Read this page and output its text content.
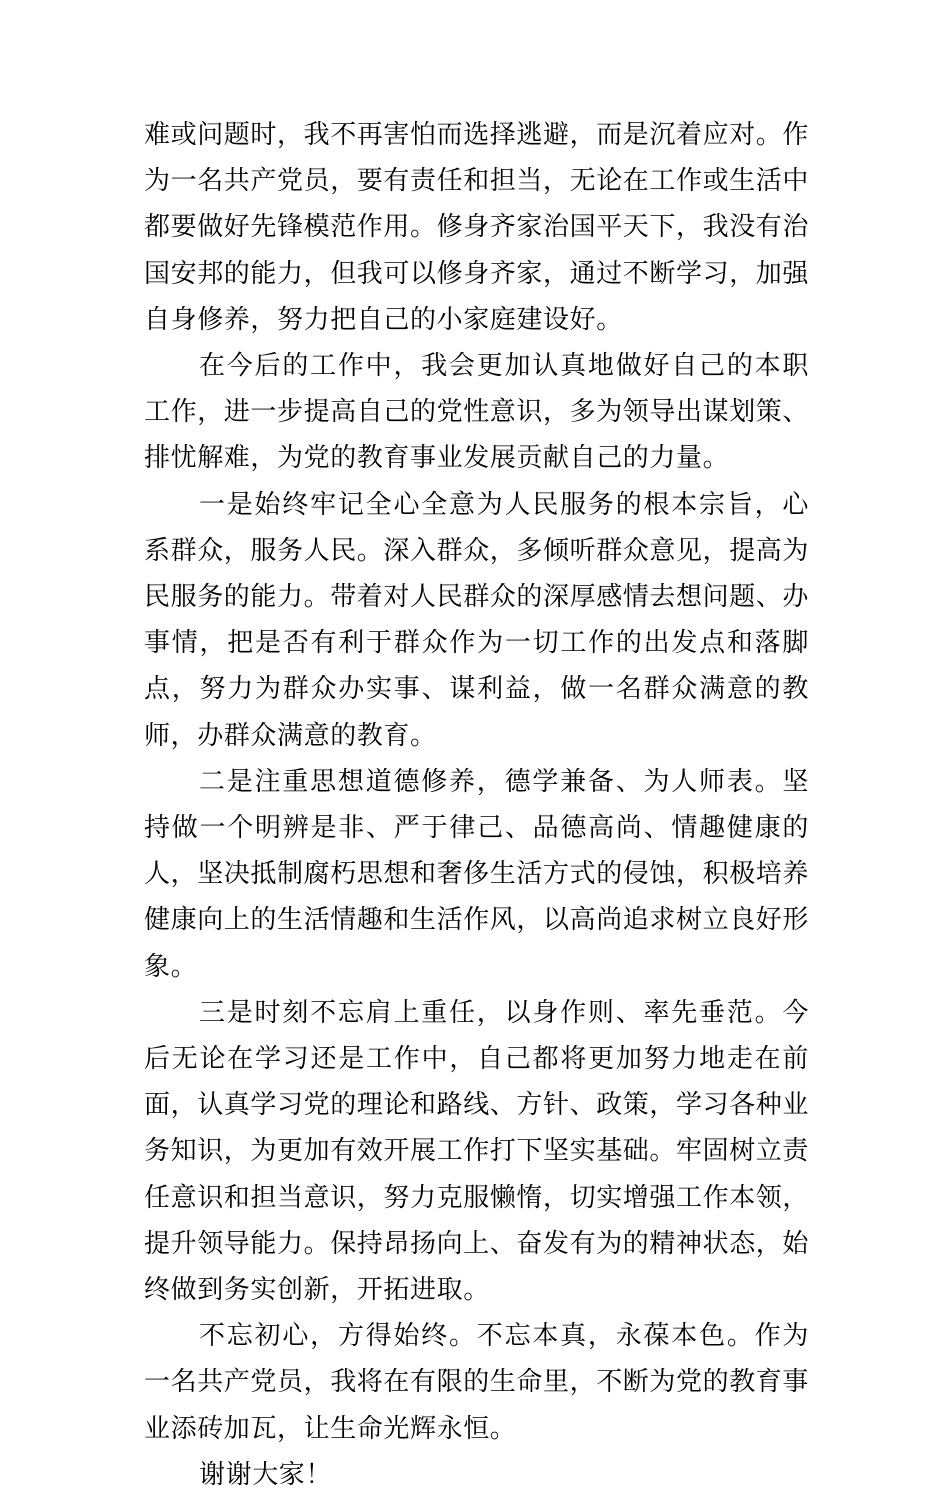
难或问题时，我不再害怕而选择逃避，而是沉着应对。作为一名共产党员，要有责任和担当，无论在工作或生活中都要做好先锋模范作用。修身齐家治国平天下，我没有治国安邦的能力，但我可以修身齐家，通过不断学习，加强自身修养，努力把自己的小家庭建设好。

在今后的工作中，我会更加认真地做好自己的本职工作，进一步提高自己的党性意识，多为领导出谋划策、排忧解难，为党的教育事业发展贡献自己的力量。

一是始终牢记全心全意为人民服务的根本宗旨，心系群众，服务人民。深入群众，多倾听群众意见，提高为民服务的能力。带着对人民群众的深厚感情去想问题、办事情，把是否有利于群众作为一切工作的出发点和落脚点，努力为群众办实事、谋利益，做一名群众满意的教师，办群众满意的教育。

二是注重思想道德修养，德学兼备、为人师表。坚持做一个明辨是非、严于律己、品德高尚、情趣健康的人，坚决抵制腐朽思想和奢侈生活方式的侵蚀，积极培养健康向上的生活情趣和生活作风，以高尚追求树立良好形象。

三是时刻不忘肩上重任，以身作则、率先垂范。今后无论在学习还是工作中，自己都将更加努力地走在前面，认真学习党的理论和路线、方针、政策，学习各种业务知识，为更加有效开展工作打下坚实基础。牢固树立责任意识和担当意识，努力克服懒惰，切实增强工作本领，提升领导能力。保持昂扬向上、奋发有为的精神状态，始终做到务实创新，开拓进取。

不忘初心，方得始终。不忘本真，永葆本色。作为一名共产党员，我将在有限的生命里，不断为党的教育事业添砖加瓦，让生命光辉永恒。

谢谢大家！
